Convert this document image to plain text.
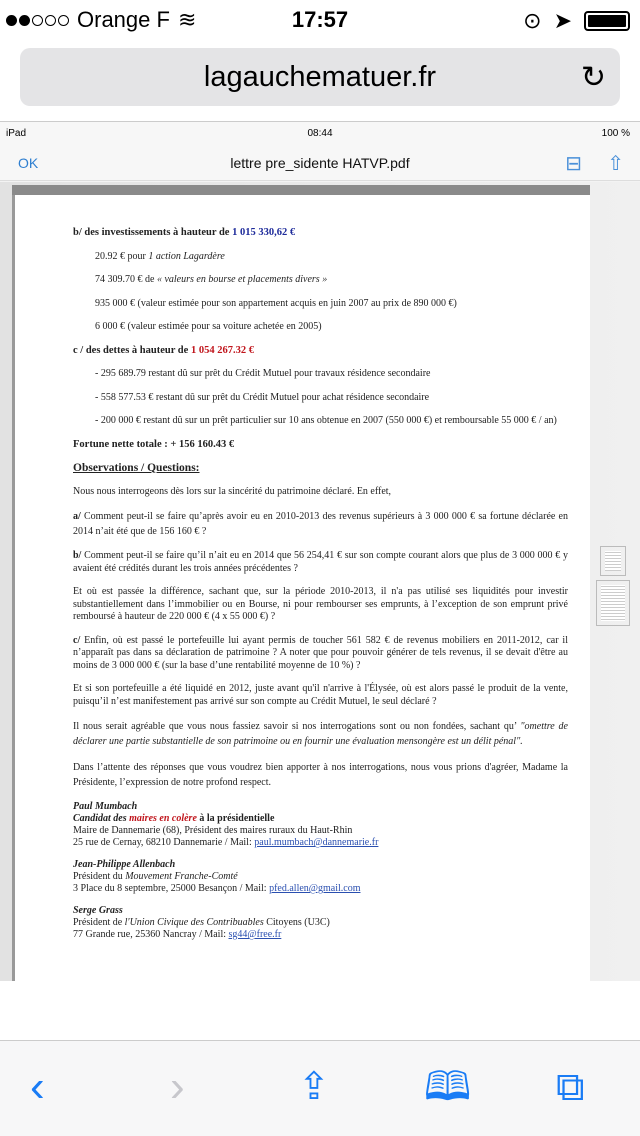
Orange F ≋	17:57	⊙ ➤
lagauchematuer.fr	↻
iPad	08:44	100 %
OK	lettre pre_sidente HATVP.pdf	⊟ ⇧

b/ des investissements à hauteur de 1 015 330,62 €

20.92 € pour 1 action Lagardère

74 309.70 € de « valeurs en bourse et placements divers »

935 000 € (valeur estimée pour son appartement acquis en juin 2007 au prix de 890 000 €)

6 000 € (valeur estimée pour sa voiture achetée en 2005)

c / des dettes à hauteur de 1 054 267.32 €

- 295 689.79 restant dû sur prêt du Crédit Mutuel pour travaux résidence secondaire

- 558 577.53 € restant dû sur prêt du Crédit Mutuel pour achat résidence secondaire

- 200 000 € restant dû sur un prêt particulier sur 10 ans obtenue en 2007 (550 000 €) et remboursable 55 000 € / an)

Fortune nette totale : + 156 160.43 €

Observations / Questions:

Nous nous interrogeons dès lors sur la sincérité du patrimoine déclaré. En effet,

a/ Comment peut-il se faire qu’après avoir eu en 2010-2013 des revenus supérieurs à 3 000 000 € sa fortune déclarée en 2014 n’ait été que de 156 160 € ?

b/ Comment peut-il se faire qu’il n’ait eu en 2014 que 56 254,41 € sur son compte courant alors que plus de 3 000 000 € y avaient été crédités durant les trois années précédentes ?

Et où est passée la différence, sachant que, sur la période 2010-2013, il n'a pas utilisé ses liquidités pour investir substantiellement dans l’immobilier ou en Bourse, ni pour rembourser ses emprunts, à l’exception de son emprunt privé remboursé à hauteur de 220 000 € (4 x 55 000 €) ?

c/ Enfin, où est passé le portefeuille lui ayant permis de toucher 561 582 € de revenus mobiliers en 2011-2012, car il n’apparaît pas dans sa déclaration de patrimoine ? A noter que pour pouvoir générer de tels revenus, il se devait d'être au moins de 3 000 000 € (sur la base d’une rentabilité moyenne de 10 %) ?

Et si son portefeuille a été liquidé en 2012, juste avant qu'il n'arrive à l'Élysée, où est alors passé le produit de la vente, puisqu’il n’est manifestement pas arrivé sur son compte au Crédit Mutuel, le seul déclaré ?

Il nous serait agréable que vous nous fassiez savoir si nos interrogations sont ou non fondées, sachant qu’ "omettre de déclarer une partie substantielle de son patrimoine ou en fournir une évaluation mensongère est un délit pénal".

Dans l’attente des réponses que vous voudrez bien apporter à nos interrogations, nous vous prions d'agréer, Madame la Présidente, l’expression de notre profond respect.

Paul Mumbach
Candidat des maires en colère à la présidentielle
Maire de Dannemarie (68), Président des maires ruraux du Haut-Rhin
25 rue de Cernay, 68210 Dannemarie / Mail: paul.mumbach@dannemarie.fr
Jean-Philippe Allenbach
Président du Mouvement Franche-Comté
3 Place du 8 septembre, 25000 Besançon / Mail: pfed.allen@gmail.com
Serge Grass
Président de l'Union Civique des Contribuables Citoyens (U3C)
77 Grande rue, 25360 Nancray / Mail: sg44@free.fr
‹	›	⇪ 🕮 ⧉
